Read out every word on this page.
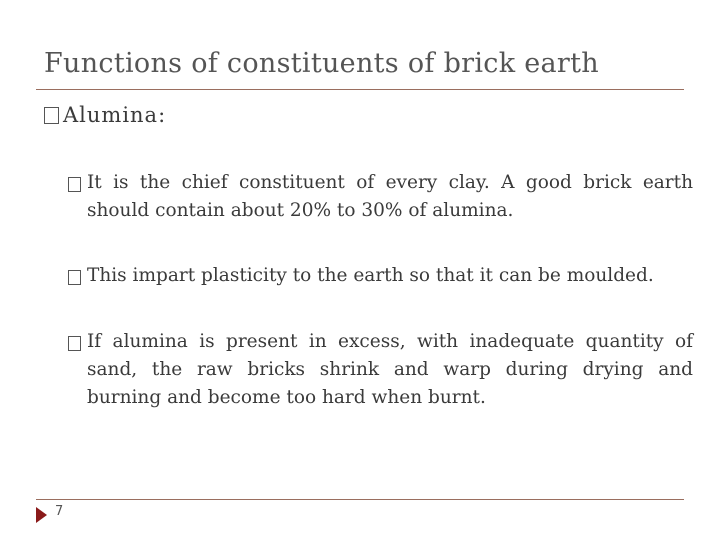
Functions of constituents of brick earth
Alumina:
It is the chief constituent of every clay. A good brick earth should contain about 20% to 30% of alumina.
This impart plasticity to the earth so that it can be moulded.
If alumina is present in excess, with inadequate quantity of sand, the raw bricks shrink and warp during drying and burning and become too hard when burnt.
7
